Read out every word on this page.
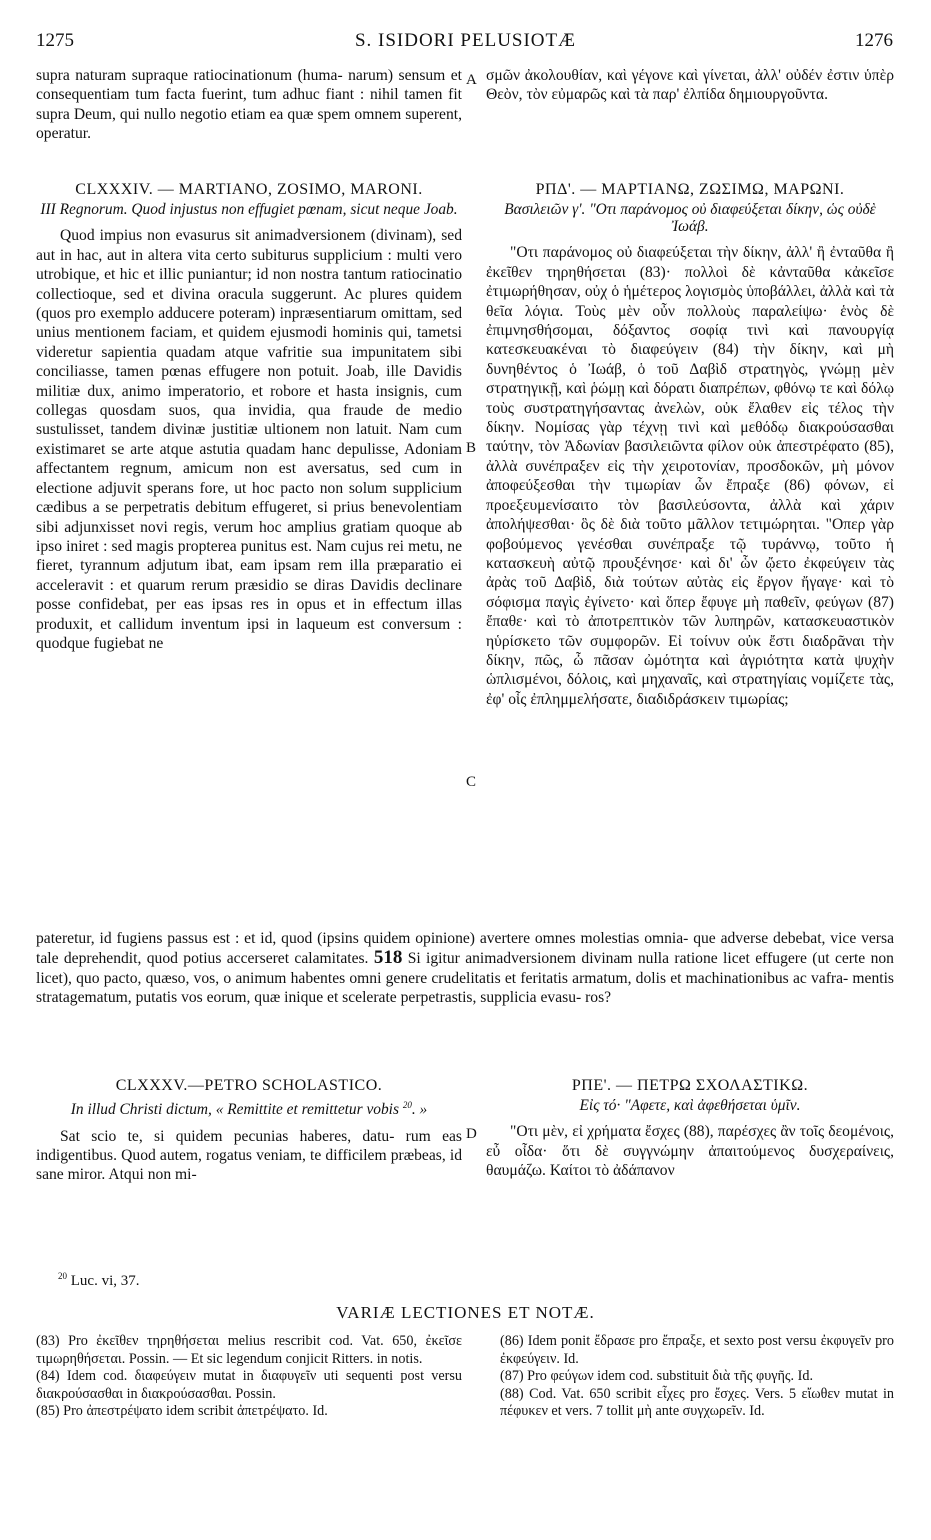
1275	S. ISIDORI PELUSIOTÆ	1276
A
B
C
D

supra naturam supraque ratiocinationum (huma- narum) sensum et consequentiam tum facta fuerint, tum adhuc fiant : nihil tamen fit supra Deum, qui nullo negotio etiam ea quæ spem omnem superent, operatur.

σμῶν ἀκολουθίαν, καὶ γέγονε καὶ γίνεται, ἀλλ' οὐδέν ἐστιν ὑπὲρ Θεὸν, τὸν εὐμαρῶς καὶ τὰ παρ' ἐλπίδα δημιουργοῦντα.

CLXXXIV. — MARTIANO, ZOSIMO, MARONI.

III Regnorum. Quod injustus non effugiet pœnam, sicut neque Joab.

Quod impius non evasurus sit animadversionem (divinam), sed aut in hac, aut in altera vita certo subiturus supplicium : multi vero utrobique, et hic et illic puniantur; id non nostra tantum ratiocinatio collectioque, sed et divina oracula suggerunt. Ac plures quidem (quos pro exemplo adducere poteram) inpræsentiarum omittam, sed unius mentionem faciam, et quidem ejusmodi hominis qui, tametsi videretur sapientia quadam atque vafritie sua impunitatem sibi conciliasse, tamen pœnas effugere non potuit. Joab, ille Davidis militiæ dux, animo imperatorio, et robore et hasta insignis, cum collegas quosdam suos, qua invidia, qua fraude de medio sustulisset, tandem divinæ justitiæ ultionem non latuit. Nam cum existimaret se arte atque astutia quadam hanc depulisse, Adoniam affectantem regnum, amicum non est aversatus, sed cum in electione adjuvit sperans fore, ut hoc pacto non solum supplicium cædibus a se perpetratis debitum effugeret, si prius benevolentiam sibi adjunxisset novi regis, verum hoc amplius gratiam quoque ab ipso iniret : sed magis propterea punitus est. Nam cujus rei metu, ne fieret, tyrannum adjutum ibat, eam ipsam rem illa præparatio ei acceleravit : et quarum rerum præsidio se diras Davidis declinare posse confidebat, per eas ipsas res in opus et in effectum illas produxit, et callidum inventum ipsi in laqueum est conversum : quodque fugiebat ne

ΡΠΔ'. — ΜΑΡΤΙΑΝΩ, ΖΩΣΙΜΩ, ΜΑΡΩΝΙ.

Βασιλειῶν γ'. "Οτι παράνομος οὐ διαφεύξεται δίκην, ὡς οὐδὲ Ἰωάβ.

"Οτι παράνομος οὐ διαφεύξεται τὴν δίκην, ἀλλ' ἢ ἐνταῦθα ἢ ἐκεῖθεν τηρηθήσεται (83)· πολλοὶ δὲ κἀνταῦθα κἀκεῖσε ἐτιμωρήθησαν, οὐχ ὁ ἡμέτερος λογισμὸς ὑποβάλλει, ἀλλὰ καὶ τὰ θεῖα λόγια. Τοὺς μὲν οὖν πολλοὺς παραλείψω· ἑνὸς δὲ ἐπιμνησθήσομαι, δόξαντος σοφίᾳ τινὶ καὶ πανουργίᾳ κατεσκευακέναι τὸ διαφεύγειν (84) τὴν δίκην, καὶ μὴ δυνηθέντος ὁ Ἰωάβ, ὁ τοῦ Δαβὶδ στρατηγὸς, γνώμῃ μὲν στρατηγικῇ, καὶ ῥώμῃ καὶ δόρατι διαπρέπων, φθόνῳ τε καὶ δόλῳ τοὺς συστρατηγήσαντας ἀνελὼν, οὐκ ἔλαθεν εἰς τέλος τὴν δίκην. Νομίσας γὰρ τέχνῃ τινὶ καὶ μεθόδῳ διακρούσασθαι ταύτην, τὸν Ἀδωνίαν βασιλειῶντα φίλον οὐκ ἀπεστρέφατο (85), ἀλλὰ συνέπραξεν εἰς τὴν χειροτονίαν, προσδοκῶν, μὴ μόνον ἀποφεύξεσθαι τὴν τιμωρίαν ὧν ἔπραξε (86) φόνων, εἰ προεξευμενίσαιτο τὸν βασιλεύσοντα, ἀλλὰ καὶ χάριν ἀπολήψεσθαι· ὃς δὲ διὰ τοῦτο μᾶλλον τετιμώρηται. "Οπερ γὰρ φοβούμενος γενέσθαι συνέπραξε τῷ τυράννῳ, τοῦτο ἡ κατασκευὴ αὐτῷ προυξένησε· καὶ δι' ὧν ᾤετο ἐκφεύγειν τὰς ἀρὰς τοῦ Δαβὶδ, διὰ τούτων αὐτὰς εἰς ἔργον ἤγαγε· καὶ τὸ σόφισμα παγὶς ἐγίνετο· καὶ ὅπερ ἔφυγε μὴ παθεῖν, φεύγων (87) ἔπαθε· καὶ τὸ ἀποτρεπτικὸν τῶν λυπηρῶν, κατασκευαστικὸν ηὑρίσκετο τῶν συμφορῶν. Εἰ τοίνυν οὐκ ἔστι διαδρᾶναι τὴν δίκην, πῶς, ὦ πᾶσαν ὠμότητα καὶ ἀγριότητα κατὰ ψυχὴν ὡπλισμένοι, δόλοις, καὶ μηχαναῖς, καὶ στρατηγίαις νομίζετε τὰς, ἐφ' οἷς ἐπλημμελήσατε, διαδιδράσκειν τιμωρίας;

pateretur, id fugiens passus est : et id, quod (ipsins quidem opinione) avertere omnes molestias omnia- que adverse debebat, vice versa tale deprehendit, quod potius accerseret calamitates. 518 Si igitur animadversionem divinam nulla ratione licet effugere (ut certe non licet), quo pacto, quæso, vos, o animum habentes omni genere crudelitatis et feritatis armatum, dolis et machinationibus ac vafra- mentis stratagematum, putatis vos eorum, quæ inique et scelerate perpetrastis, supplicia evasu- ros?

CLXXXV.—PETRO SCHOLASTICO.

In illud Christi dictum, « Remittite et remittetur vobis $^{20}$. »

Sat scio te, si quidem pecunias haberes, datu- rum eas indigentibus. Quod autem, rogatus veniam, te difficilem præbeas, id sane miror. Atqui non mi-

ΡΠΕ'. — ΠΕΤΡΩ ΣΧΟΛΑΣΤΙΚΩ.

Εἰς τό· "Αφετε, καὶ ἀφεθήσεται ὑμῖν.

"Οτι μὲν, εἰ χρήματα ἔσχες (88), παρέσχες ἂν τοῖς δεομένοις, εὖ οἶδα· ὅτι δὲ συγγνώμην ἀπαιτούμενος δυσχεραίνεις, θαυμάζω. Καίτοι τὸ ἀδάπανον

$^{20}$ Luc. vi, 37.
VARIÆ LECTIONES ET NOTÆ.

(83) Pro ἐκεῖθεν τηρηθήσεται melius rescribit cod. Vat. 650, ἐκεῖσε τιμωρηθήσεται. Possin. — Et sic legendum conjicit Ritters. in notis.

(84) Idem cod. διαφεύγειν mutat in διαφυγεῖν uti sequenti post versu διακρούσασθαι in διακρούσασθαι. Possin.

(85) Pro ἀπεστρέψατο idem scribit ἀπετρέψατο. Id.

(86) Idem ponit ἔδρασε pro ἔπραξε, et sexto post versu ἐκφυγεῖν pro ἐκφεύγειν. Id.

(87) Pro φεύγων idem cod. substituit διὰ τῆς φυγῆς. Id.

(88) Cod. Vat. 650 scribit εἶχες pro ἔσχες. Vers. 5 εἴωθεν mutat in πέφυκεν et vers. 7 tollit μὴ ante συγχωρεῖν. Id.
